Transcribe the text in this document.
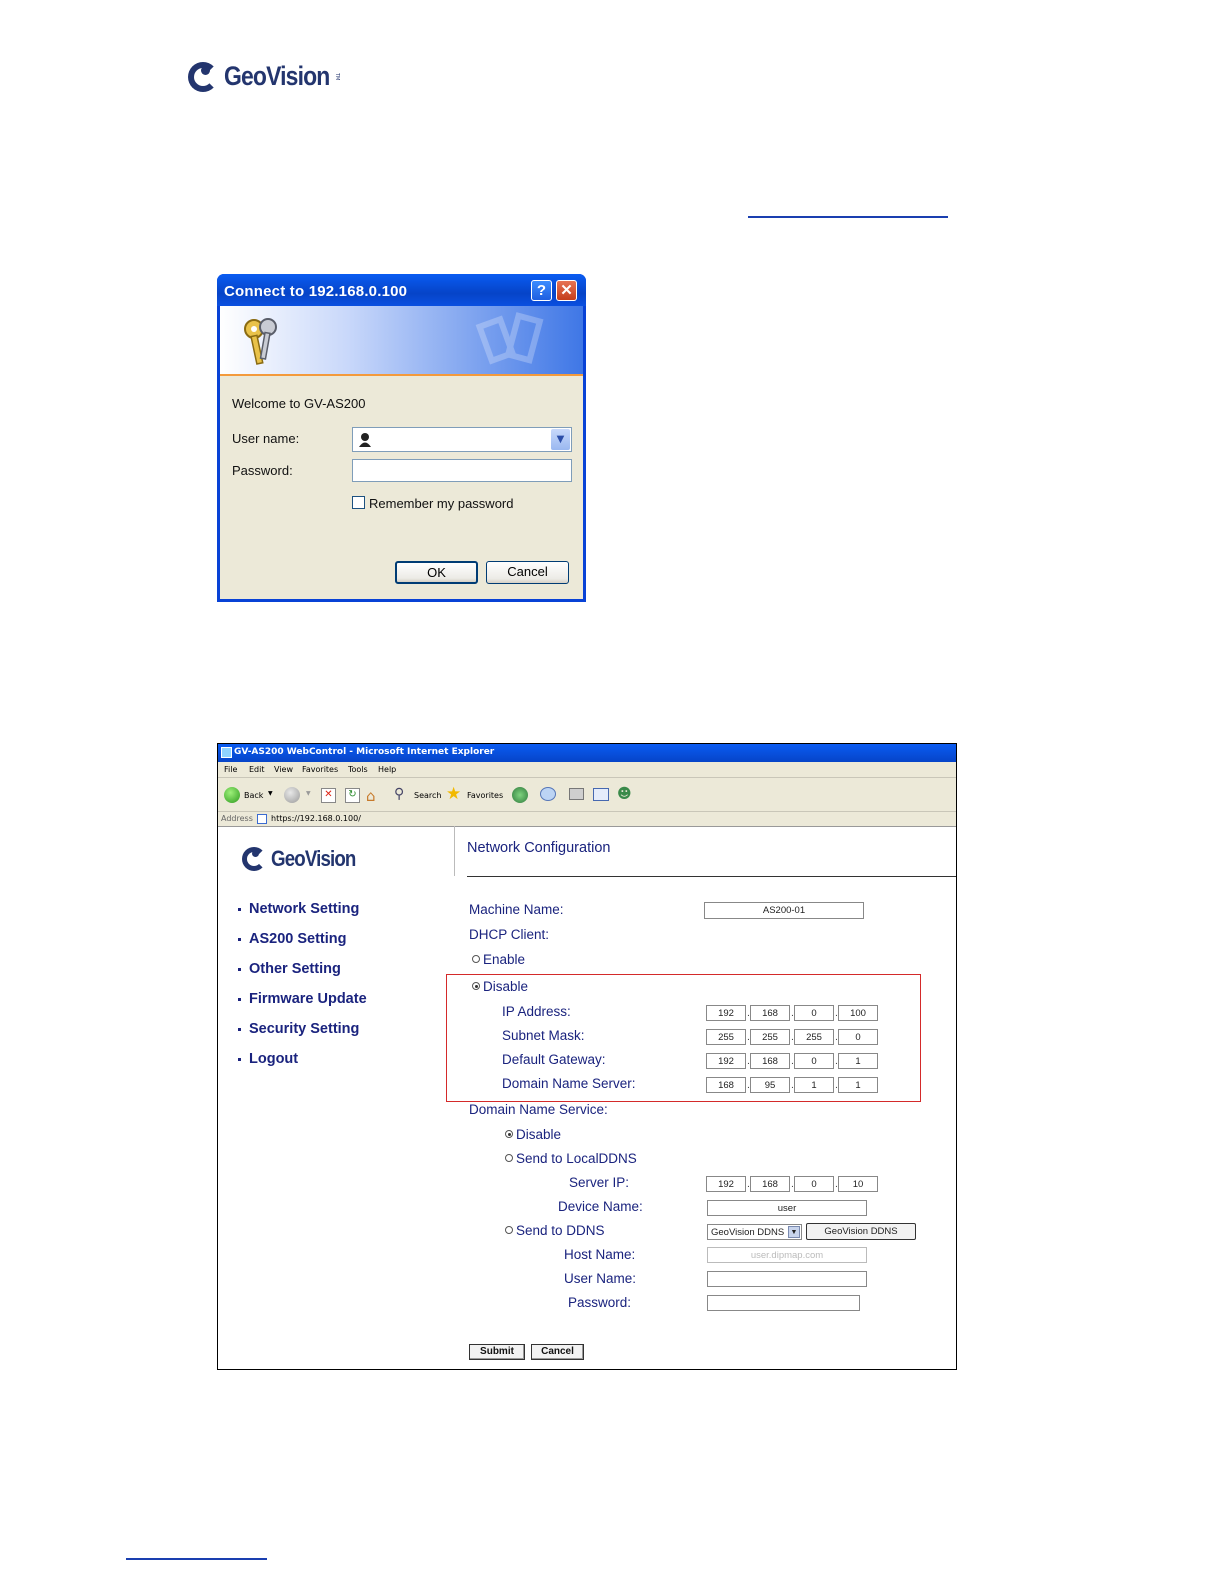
GeoVision TM
Connect to 192.168.0.100	? ✕
Welcome to GV-AS200
User name:	▼
Password:
Remember my password
OK	Cancel
GV-AS200 WebControl - Microsoft Internet Explorer
File Edit View Favorites Tools Help
Back ▼	▼	✕	↻ ⌂ ⚲ Search ★ Favorites	☻
Address https://192.168.0.100/
GeoVision
Network Setting
AS200 Setting
Other Setting
Firmware Update
Security Setting
Logout
Network Configuration
Machine Name:	AS200-01
DHCP Client:
Enable
Disable
IP Address:	192	.	168	.	0	.	100
Subnet Mask:	255	.	255	.	255	.	0
Default Gateway:	192	.	168	.	0	.	1
Domain Name Server:	168	.	95	.	1	.	1
Domain Name Service:
Disable
Send to LocalDDNS
Server IP:	192	.	168	.	0	.	10
Device Name:	user
Send to DDNS	GeoVision DDNS ▼	GeoVision DDNS
Host Name:	user.dipmap.com
User Name:
Password:
Submit	Cancel
